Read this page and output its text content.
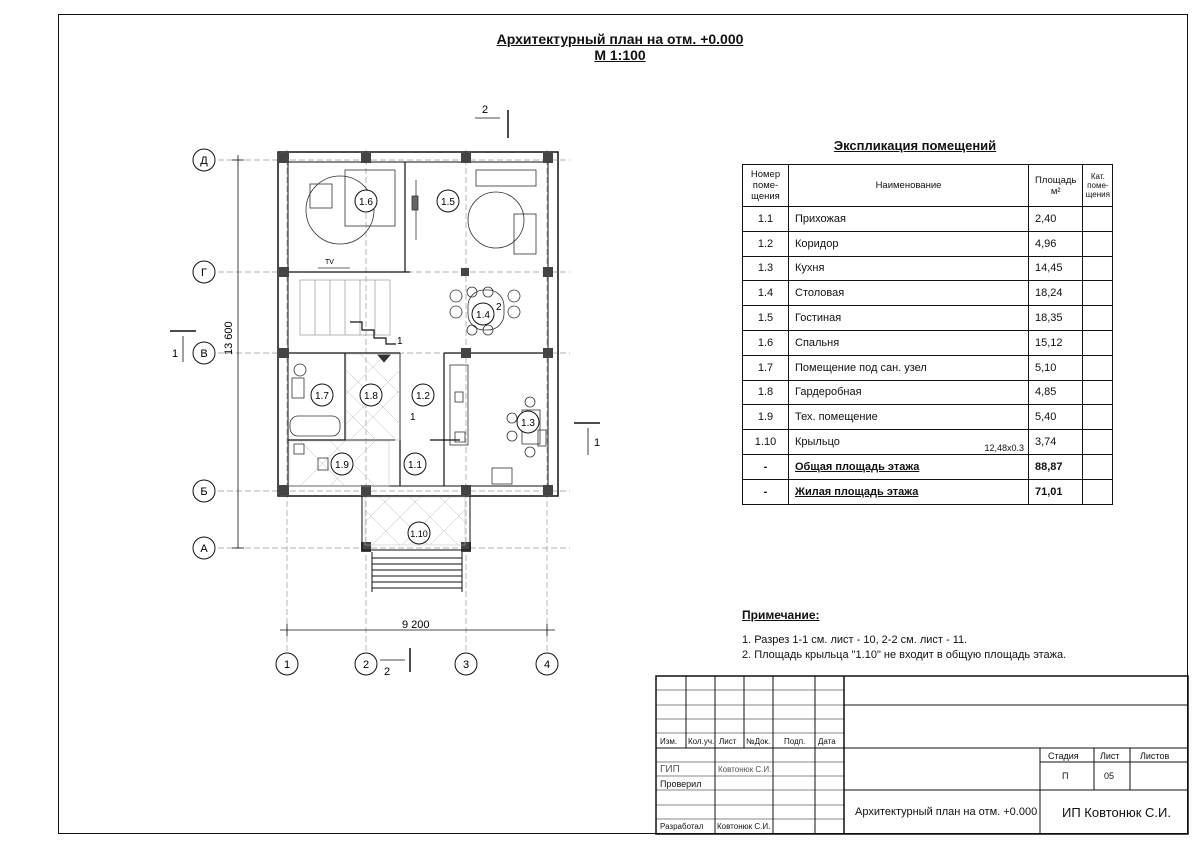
Архитектурный план на отм. +0.000
М 1:100
13 600
9 200
Д
Г
В
Б
А
1	2	3	4
2
2
1
1
TV
1.6	1.5
1.4
1.7	1.8	1.2
1.3
1.9	1.1
1.10
2
1
1
Экспликация помещений
Номер поме- щения	Наименование	Площадь м²	Кат. поме- щения
1.1	Прихожая	2,40	
1.2	Коридор	4,96	
1.3	Кухня	14,45	
1.4	Столовая	18,24	
1.5	Гостиная	18,35	
1.6	Спальня	15,12	
1.7	Помещение под сан. узел	5,10	
1.8	Гардеробная	4,85	
1.9	Тех. помещение	5,40	
1.10	Крыльцо 12,48х0.3	3,74	
-	Общая площадь этажа	88,87	
-	Жилая площадь этажа	71,01	
Примечание:
1. Разрез 1-1 см. лист - 10, 2-2 см. лист - 11.
2. Площадь крыльца "1.10" не входит в общую площадь этажа.
Изм. Кол.уч. Лист №Док. Подп. Дата
ГИП	Ковтонюк С.И.
Проверил
Разработал Ковтонюк С.И.
Стадия Лист Листов
П	05
Архитектурный план на отм. +0.000 ИП Ковтонюк С.И.
